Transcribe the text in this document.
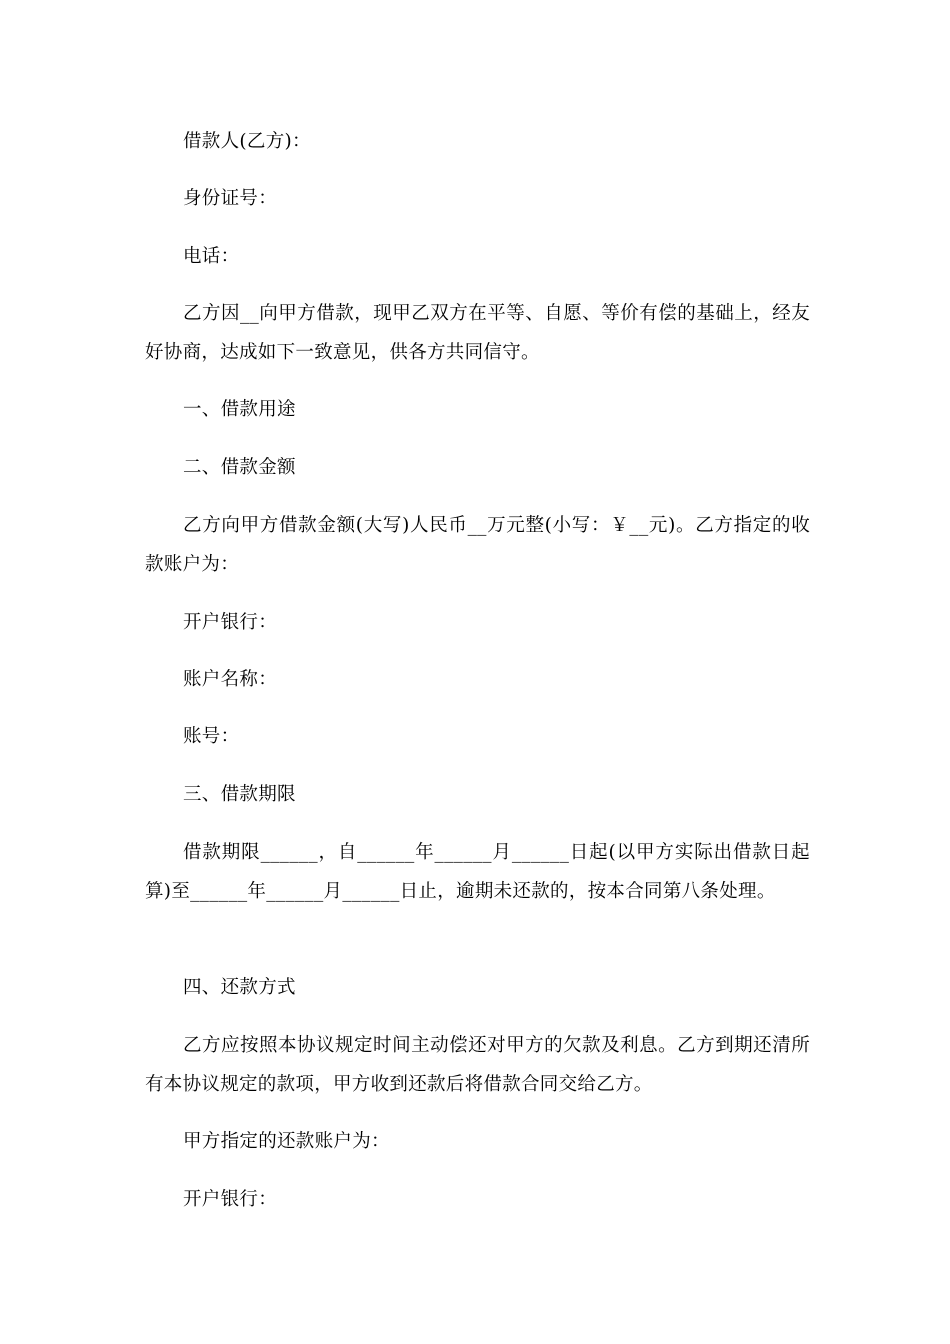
借款人(乙方)：

身份证号：

电话：

乙方因__向甲方借款，现甲乙双方在平等、自愿、等价有偿的基础上，经友好协商，达成如下一致意见，供各方共同信守。

一、借款用途

二、借款金额

乙方向甲方借款金额(大写)人民币__万元整(小写：￥__元)。乙方指定的收款账户为：

开户银行：

账户名称：

账号：

三、借款期限

借款期限______，自______年______月______日起(以甲方实际出借款日起算)至______年______月______日止，逾期未还款的，按本合同第八条处理。

四、还款方式

乙方应按照本协议规定时间主动偿还对甲方的欠款及利息。乙方到期还清所有本协议规定的款项，甲方收到还款后将借款合同交给乙方。

甲方指定的还款账户为：

开户银行：
